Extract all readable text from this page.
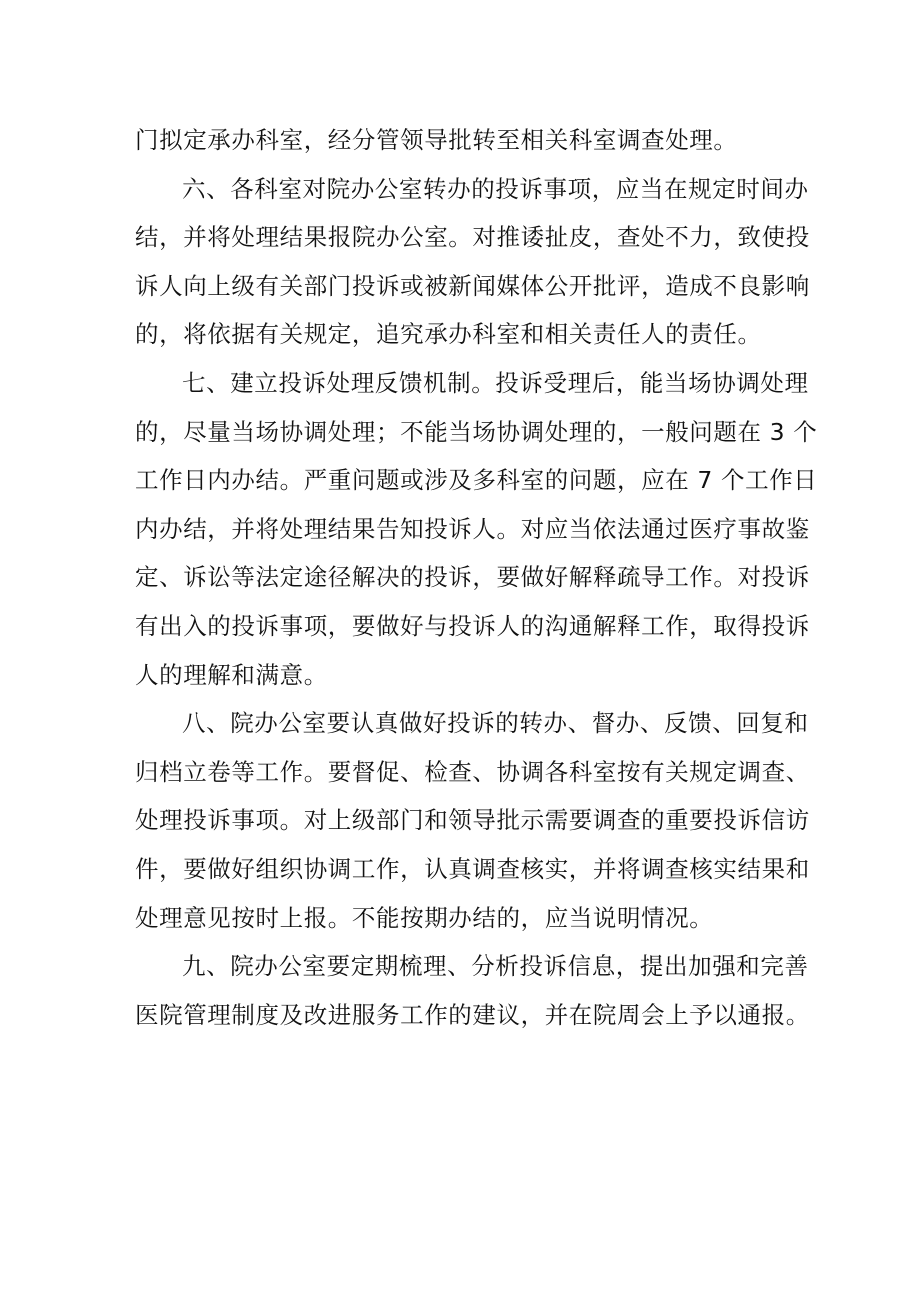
门拟定承办科室，经分管领导批转至相关科室调查处理。
六、各科室对院办公室转办的投诉事项，应当在规定时间办
结，并将处理结果报院办公室。对推诿扯皮，查处不力，致使投
诉人向上级有关部门投诉或被新闻媒体公开批评，造成不良影响
的，将依据有关规定，追究承办科室和相关责任人的责任。
七、建立投诉处理反馈机制。投诉受理后，能当场协调处理
的，尽量当场协调处理；不能当场协调处理的，一般问题在 3 个
工作日内办结。严重问题或涉及多科室的问题，应在 7 个工作日
内办结，并将处理结果告知投诉人。对应当依法通过医疗事故鉴
定、诉讼等法定途径解决的投诉，要做好解释疏导工作。对投诉
有出入的投诉事项，要做好与投诉人的沟通解释工作，取得投诉
人的理解和满意。
八、院办公室要认真做好投诉的转办、督办、反馈、回复和
归档立卷等工作。要督促、检查、协调各科室按有关规定调查、
处理投诉事项。对上级部门和领导批示需要调查的重要投诉信访
件，要做好组织协调工作，认真调查核实，并将调查核实结果和
处理意见按时上报。不能按期办结的，应当说明情况。
九、院办公室要定期梳理、分析投诉信息，提出加强和完善
医院管理制度及改进服务工作的建议，并在院周会上予以通报。
